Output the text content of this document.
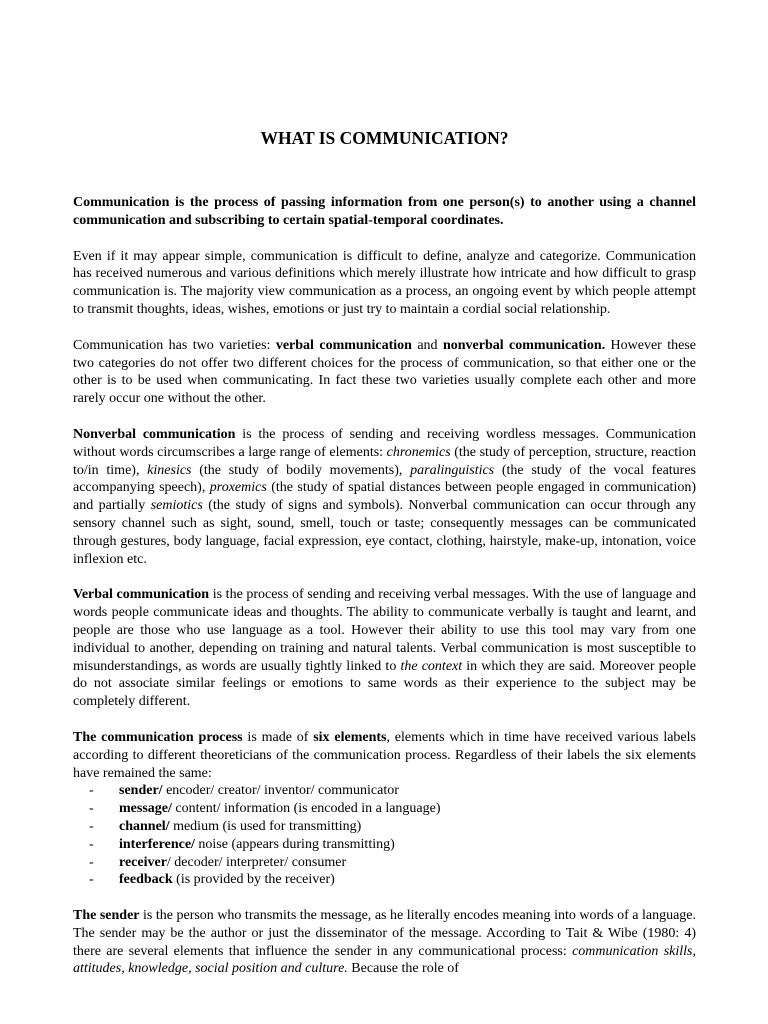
WHAT IS COMMUNICATION?

Communication is the process of passing information from one person(s) to another using a channel communication and subscribing to certain spatial-temporal coordinates.

Even if it may appear simple, communication is difficult to define, analyze and categorize. Communication has received numerous and various definitions which merely illustrate how intricate and how difficult to grasp communication is. The majority view communication as a process, an ongoing event by which people attempt to transmit thoughts, ideas, wishes, emotions or just try to maintain a cordial social relationship.

Communication has two varieties: verbal communication and nonverbal communication. However these two categories do not offer two different choices for the process of communication, so that either one or the other is to be used when communicating. In fact these two varieties usually complete each other and more rarely occur one without the other.

Nonverbal communication is the process of sending and receiving wordless messages. Communication without words circumscribes a large range of elements: chronemics (the study of perception, structure, reaction to/in time), kinesics (the study of bodily movements), paralinguistics (the study of the vocal features accompanying speech), proxemics (the study of spatial distances between people engaged in communication) and partially semiotics (the study of signs and symbols). Nonverbal communication can occur through any sensory channel such as sight, sound, smell, touch or taste; consequently messages can be communicated through gestures, body language, facial expression, eye contact, clothing, hairstyle, make-up, intonation, voice inflexion etc.

Verbal communication is the process of sending and receiving verbal messages. With the use of language and words people communicate ideas and thoughts. The ability to communicate verbally is taught and learnt, and people are those who use language as a tool. However their ability to use this tool may vary from one individual to another, depending on training and natural talents. Verbal communication is most susceptible to misunderstandings, as words are usually tightly linked to the context in which they are said. Moreover people do not associate similar feelings or emotions to same words as their experience to the subject may be completely different.

The communication process is made of six elements, elements which in time have received various labels according to different theoreticians of the communication process. Regardless of their labels the six elements have remained the same:

- sender/ encoder/ creator/ inventor/ communicator
- message/ content/ information (is encoded in a language)
- channel/ medium (is used for transmitting)
- interference/ noise (appears during transmitting)
- receiver/ decoder/ interpreter/ consumer
- feedback (is provided by the receiver)

The sender is the person who transmits the message, as he literally encodes meaning into words of a language. The sender may be the author or just the disseminator of the message. According to Tait & Wibe (1980: 4) there are several elements that influence the sender in any communicational process: communication skills, attitudes, knowledge, social position and culture. Because the role of
